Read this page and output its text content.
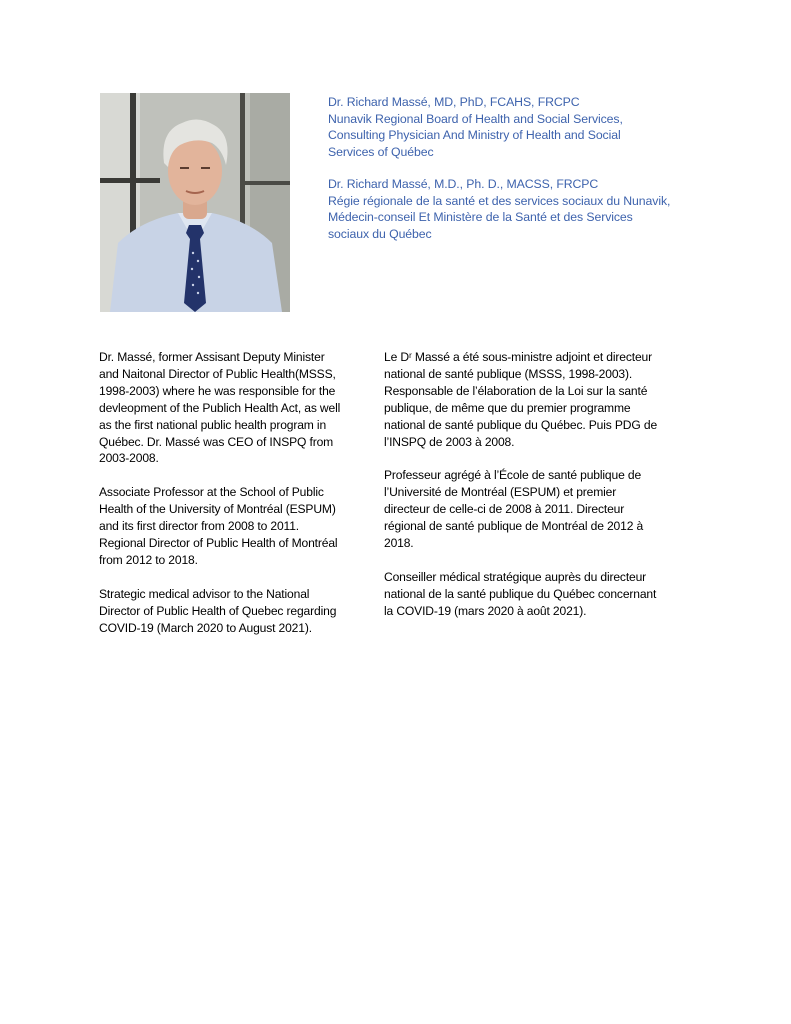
Dr. Richard Massé, MD, PhD, FCAHS, FRCPC
Nunavik Regional Board of Health and Social Services,
Consulting Physician And Ministry of Health and Social
Services of Québec
Dr. Richard Massé, M.D., Ph. D., MACSS, FRCPC
Régie régionale de la santé et des services sociaux du Nunavik,
Médecin-conseil Et Ministère de la Santé et des Services
sociaux du Québec
Dr. Massé, former Assisant Deputy Minister
and Naitonal Director of Public Health(MSSS,
1998-2003) where he was responsible for the
devleopment of the Publich Health Act, as well
as the first national public health program in
Québec. Dr. Massé was CEO of INSPQ from
2003-2008.
Associate Professor at the School of Public
Health of the University of Montréal (ESPUM)
and its first director from 2008 to 2011.
Regional Director of Public Health of Montréal
from 2012 to 2018.
Strategic medical advisor to the National
Director of Public Health of Quebec regarding
COVID-19 (March 2020 to August 2021).
Le Dʳ Massé a été sous-ministre adjoint et directeur
national de santé publique (MSSS, 1998-2003).
Responsable de l’élaboration de la Loi sur la santé
publique, de même que du premier programme
national de santé publique du Québec. Puis PDG de
l’INSPQ de 2003 à 2008.
Professeur agrégé à l’École de santé publique de
l’Université de Montréal (ESPUM) et premier
directeur de celle-ci de 2008 à 2011. Directeur
régional de santé publique de Montréal de 2012 à
2018.
Conseiller médical stratégique auprès du directeur
national de la santé publique du Québec concernant
la COVID-19 (mars 2020 à août 2021).
